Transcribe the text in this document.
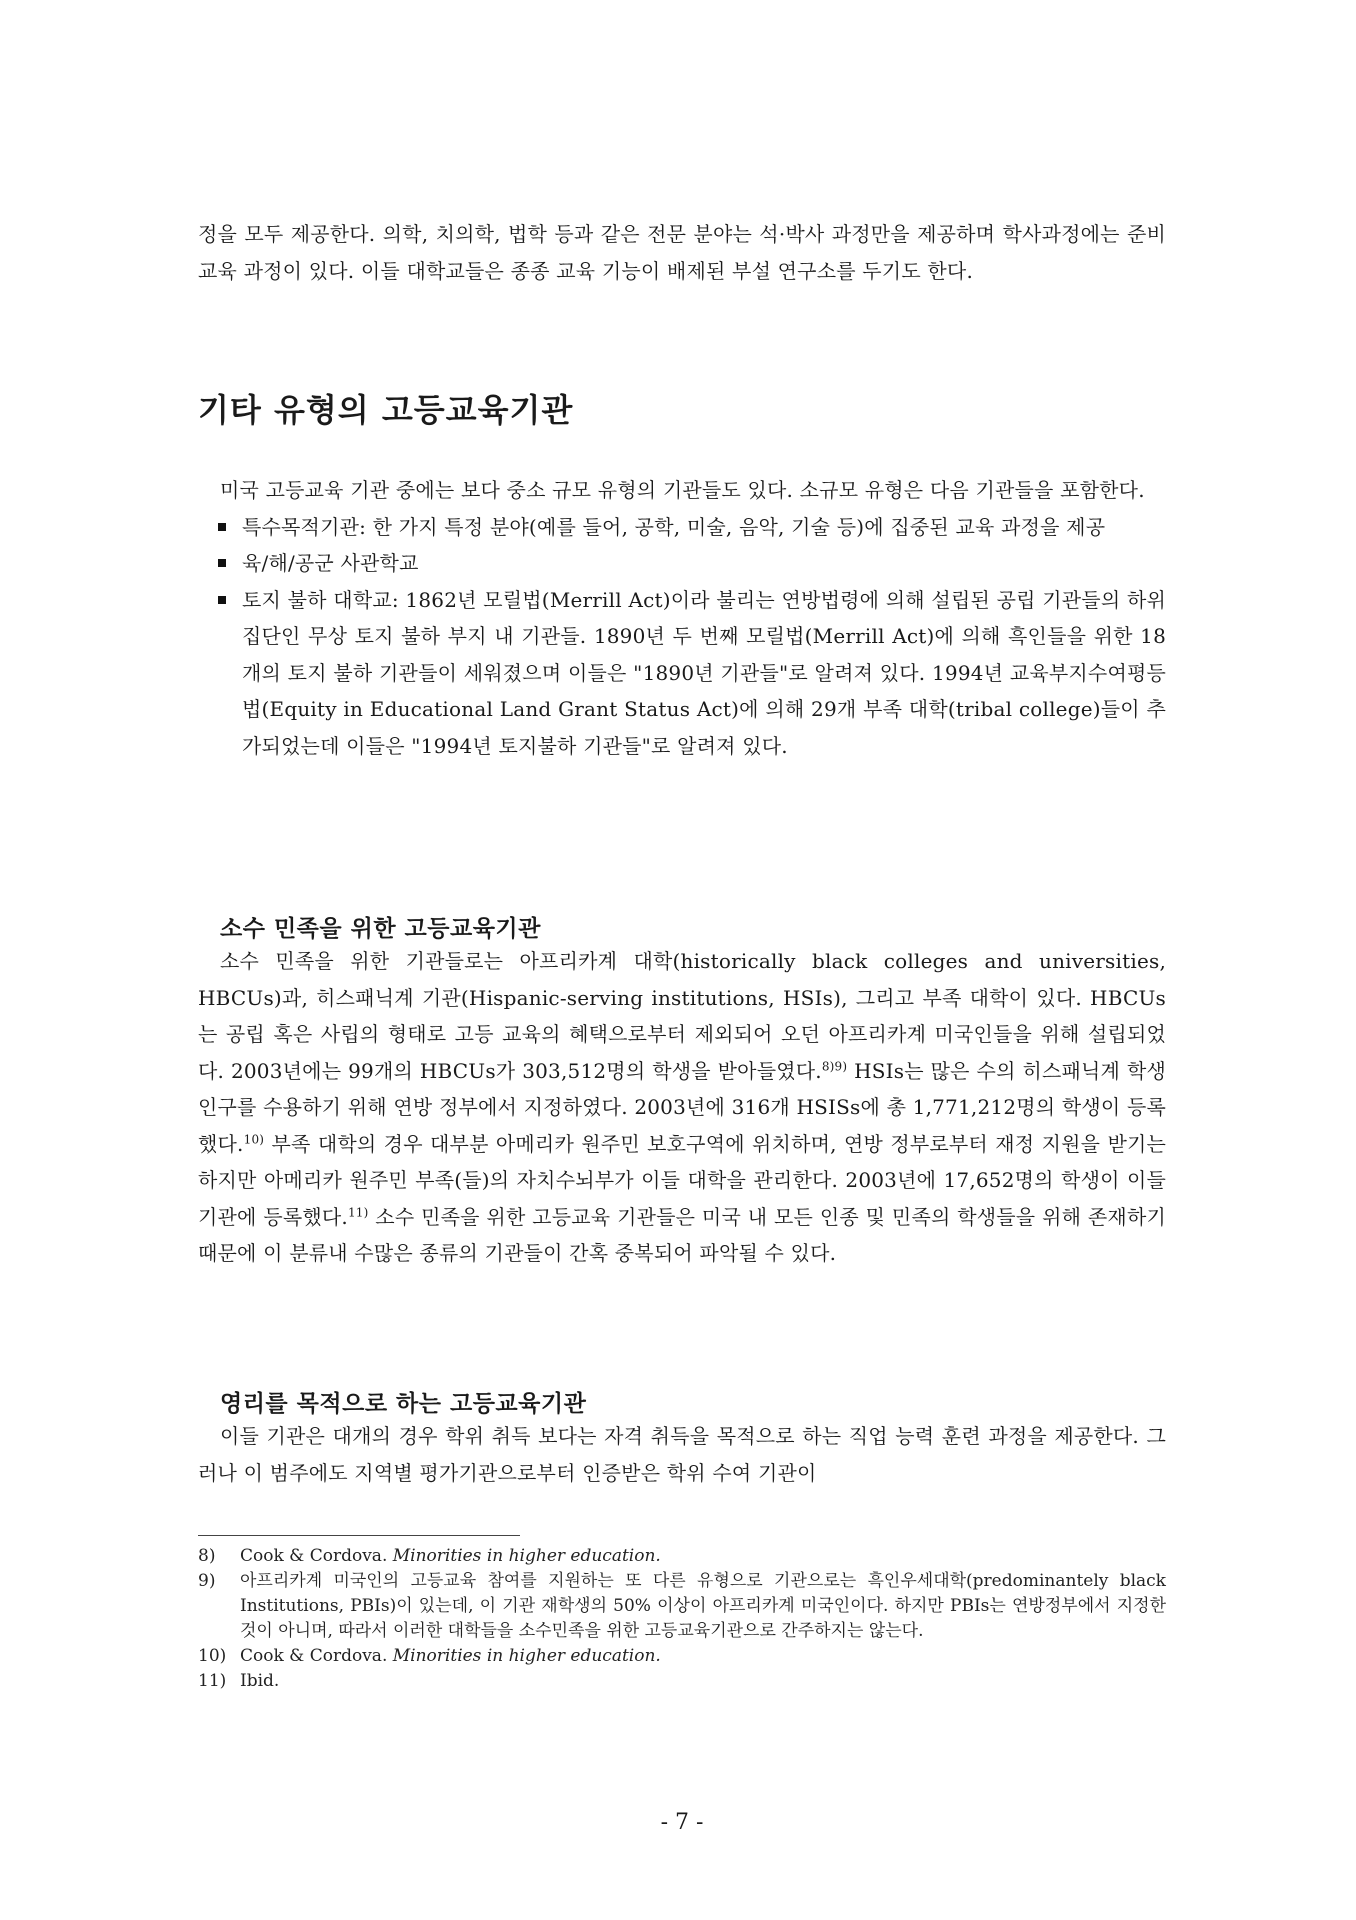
정을 모두 제공한다. 의학, 치의학, 법학 등과 같은 전문 분야는 석·박사 과정만을 제공하며 학사과정에는 준비 교육 과정이 있다. 이들 대학교들은 종종 교육 기능이 배제된 부설 연구소를 두기도 한다.

기타 유형의 고등교육기관

미국 고등교육 기관 중에는 보다 중소 규모 유형의 기관들도 있다. 소규모 유형은 다음 기관들을 포함한다.

특수목적기관: 한 가지 특정 분야(예를 들어, 공학, 미술, 음악, 기술 등)에 집중된 교육 과정을 제공
육/해/공군 사관학교
토지 불하 대학교: 1862년 모릴법(Merrill Act)이라 불리는 연방법령에 의해 설립된 공립 기관들의 하위 집단인 무상 토지 불하 부지 내 기관들. 1890년 두 번째 모릴법(Merrill Act)에 의해 흑인들을 위한 18개의 토지 불하 기관들이 세워졌으며 이들은 "1890년 기관들"로 알려져 있다. 1994년 교육부지수여평등법(Equity in Educational Land Grant Status Act)에 의해 29개 부족 대학(tribal college)들이 추가되었는데 이들은 "1994년 토지불하 기관들"로 알려져 있다.
소수 민족을 위한 고등교육기관

소수 민족을 위한 기관들로는 아프리카계 대학(historically black colleges and universities, HBCUs)과, 히스패닉계 기관(Hispanic-serving institutions, HSIs), 그리고 부족 대학이 있다. HBCUs는 공립 혹은 사립의 형태로 고등 교육의 혜택으로부터 제외되어 오던 아프리카계 미국인들을 위해 설립되었다. 2003년에는 99개의 HBCUs가 303,512명의 학생을 받아들였다.$^{8)9)}$ HSIs는 많은 수의 히스패닉계 학생 인구를 수용하기 위해 연방 정부에서 지정하였다. 2003년에 316개 HSISs에 총 1,771,212명의 학생이 등록했다.$^{10)}$ 부족 대학의 경우 대부분 아메리카 원주민 보호구역에 위치하며, 연방 정부로부터 재정 지원을 받기는 하지만 아메리카 원주민 부족(들)의 자치수뇌부가 이들 대학을 관리한다. 2003년에 17,652명의 학생이 이들 기관에 등록했다.$^{11)}$ 소수 민족을 위한 고등교육 기관들은 미국 내 모든 인종 및 민족의 학생들을 위해 존재하기 때문에 이 분류내 수많은 종류의 기관들이 간혹 중복되어 파악될 수 있다.

영리를 목적으로 하는 고등교육기관

이들 기관은 대개의 경우 학위 취득 보다는 자격 취득을 목적으로 하는 직업 능력 훈련 과정을 제공한다. 그러나 이 범주에도 지역별 평가기관으로부터 인증받은 학위 수여 기관이

8) Cook & Cordova. Minorities in higher education.
9) 아프리카계 미국인의 고등교육 참여를 지원하는 또 다른 유형으로 기관으로는 흑인우세대학(predominantely black Institutions, PBIs)이 있는데, 이 기관 재학생의 50% 이상이 아프리카계 미국인이다. 하지만 PBIs는 연방정부에서 지정한 것이 아니며, 따라서 이러한 대학들을 소수민족을 위한 고등교육기관으로 간주하지는 않는다.
10) Cook & Cordova. Minorities in higher education.
11) Ibid.
- 7 -
